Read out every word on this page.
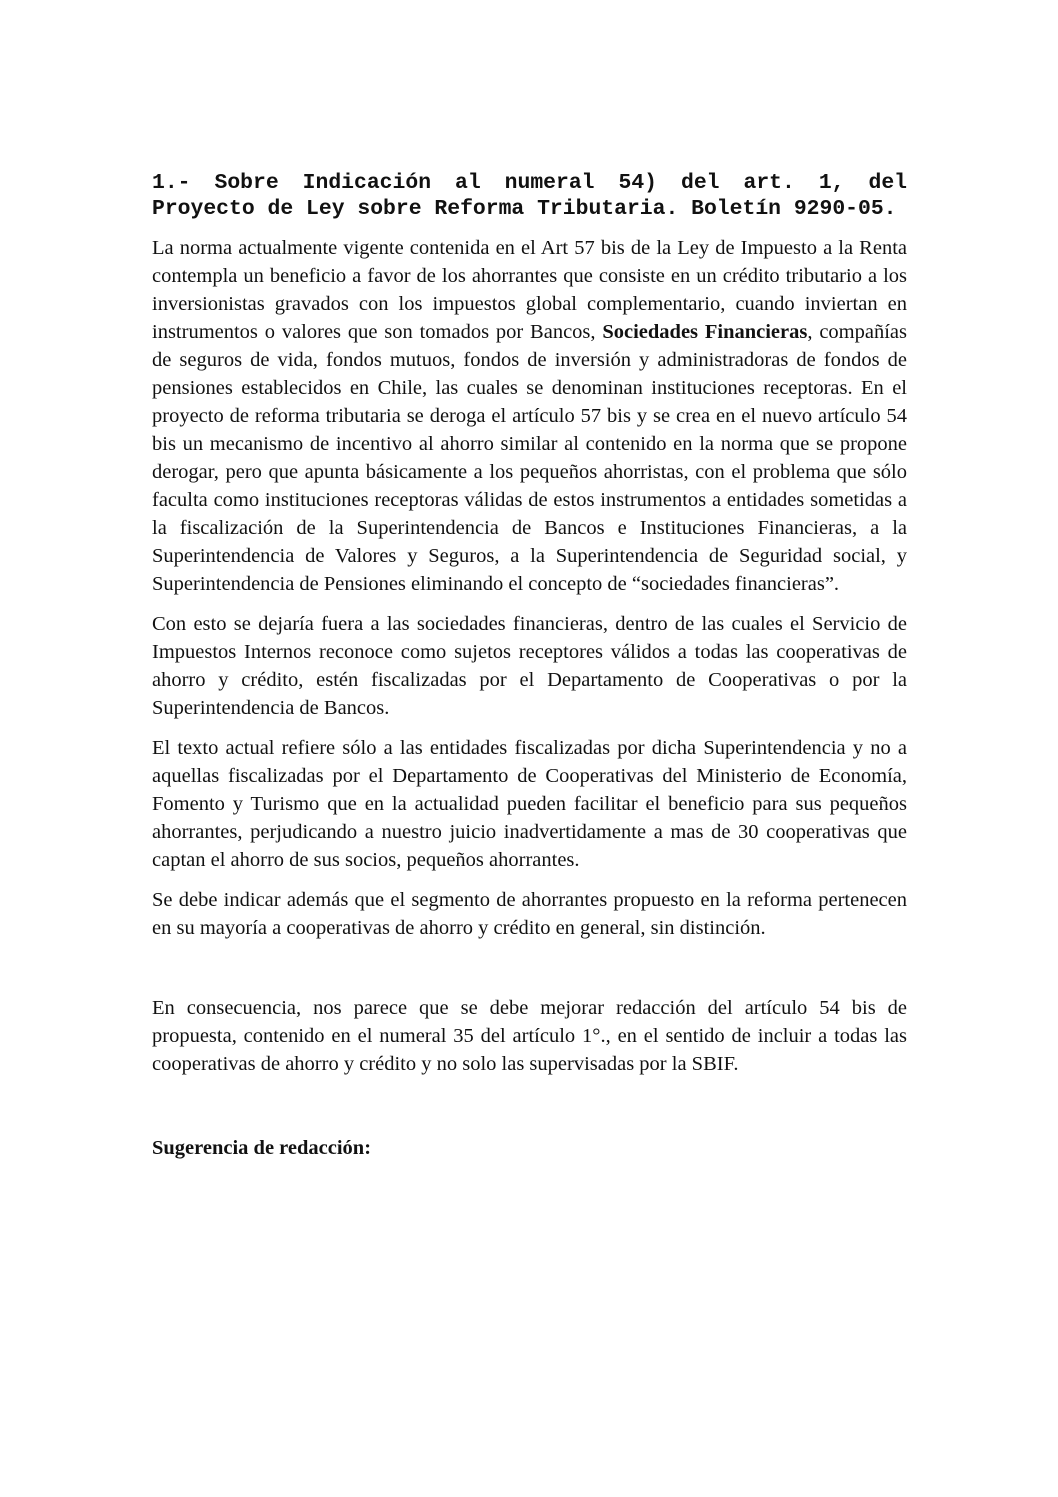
1.- Sobre Indicación al numeral 54) del art. 1, del Proyecto de Ley sobre Reforma Tributaria. Boletín 9290-05.

La norma actualmente vigente contenida en el Art 57 bis de la Ley de Impuesto a la Renta contempla un beneficio a favor de los ahorrantes que consiste en un crédito tributario a los inversionistas gravados con los impuestos global complementario, cuando inviertan en instrumentos o valores que son tomados por Bancos, Sociedades Financieras, compañías de seguros de vida, fondos mutuos, fondos de inversión y administradoras de fondos de pensiones establecidos en Chile, las cuales se denominan instituciones receptoras. En el proyecto de reforma tributaria se deroga el artículo 57 bis y se crea en el nuevo artículo 54 bis un mecanismo de incentivo al ahorro similar al contenido en la norma que se propone derogar, pero que apunta básicamente a los pequeños ahorristas, con el problema que sólo faculta como instituciones receptoras válidas de estos instrumentos a entidades sometidas a la fiscalización de la Superintendencia de Bancos e Instituciones Financieras, a la Superintendencia de Valores y Seguros, a la Superintendencia de Seguridad social, y Superintendencia de Pensiones eliminando el concepto de “sociedades financieras”.

Con esto se dejaría fuera a las sociedades financieras, dentro de las cuales el Servicio de Impuestos Internos reconoce como sujetos receptores válidos a todas las cooperativas de ahorro y crédito, estén fiscalizadas por el Departamento de Cooperativas o por la Superintendencia de Bancos.

El texto actual refiere sólo a las entidades fiscalizadas por dicha Superintendencia y no a aquellas fiscalizadas por el Departamento de Cooperativas del Ministerio de Economía, Fomento y Turismo que en la actualidad pueden facilitar el beneficio para sus pequeños ahorrantes, perjudicando a nuestro juicio inadvertidamente a mas de 30 cooperativas que captan el ahorro de sus socios, pequeños ahorrantes.

Se debe indicar además que el segmento de ahorrantes propuesto en la reforma pertenecen en su mayoría a cooperativas de ahorro y crédito en general, sin distinción.

En consecuencia, nos parece que se debe mejorar redacción del artículo 54 bis de propuesta, contenido en el numeral 35 del artículo 1°., en el sentido de incluir a todas las cooperativas de ahorro y crédito y no solo las supervisadas por la SBIF.

Sugerencia de redacción:
